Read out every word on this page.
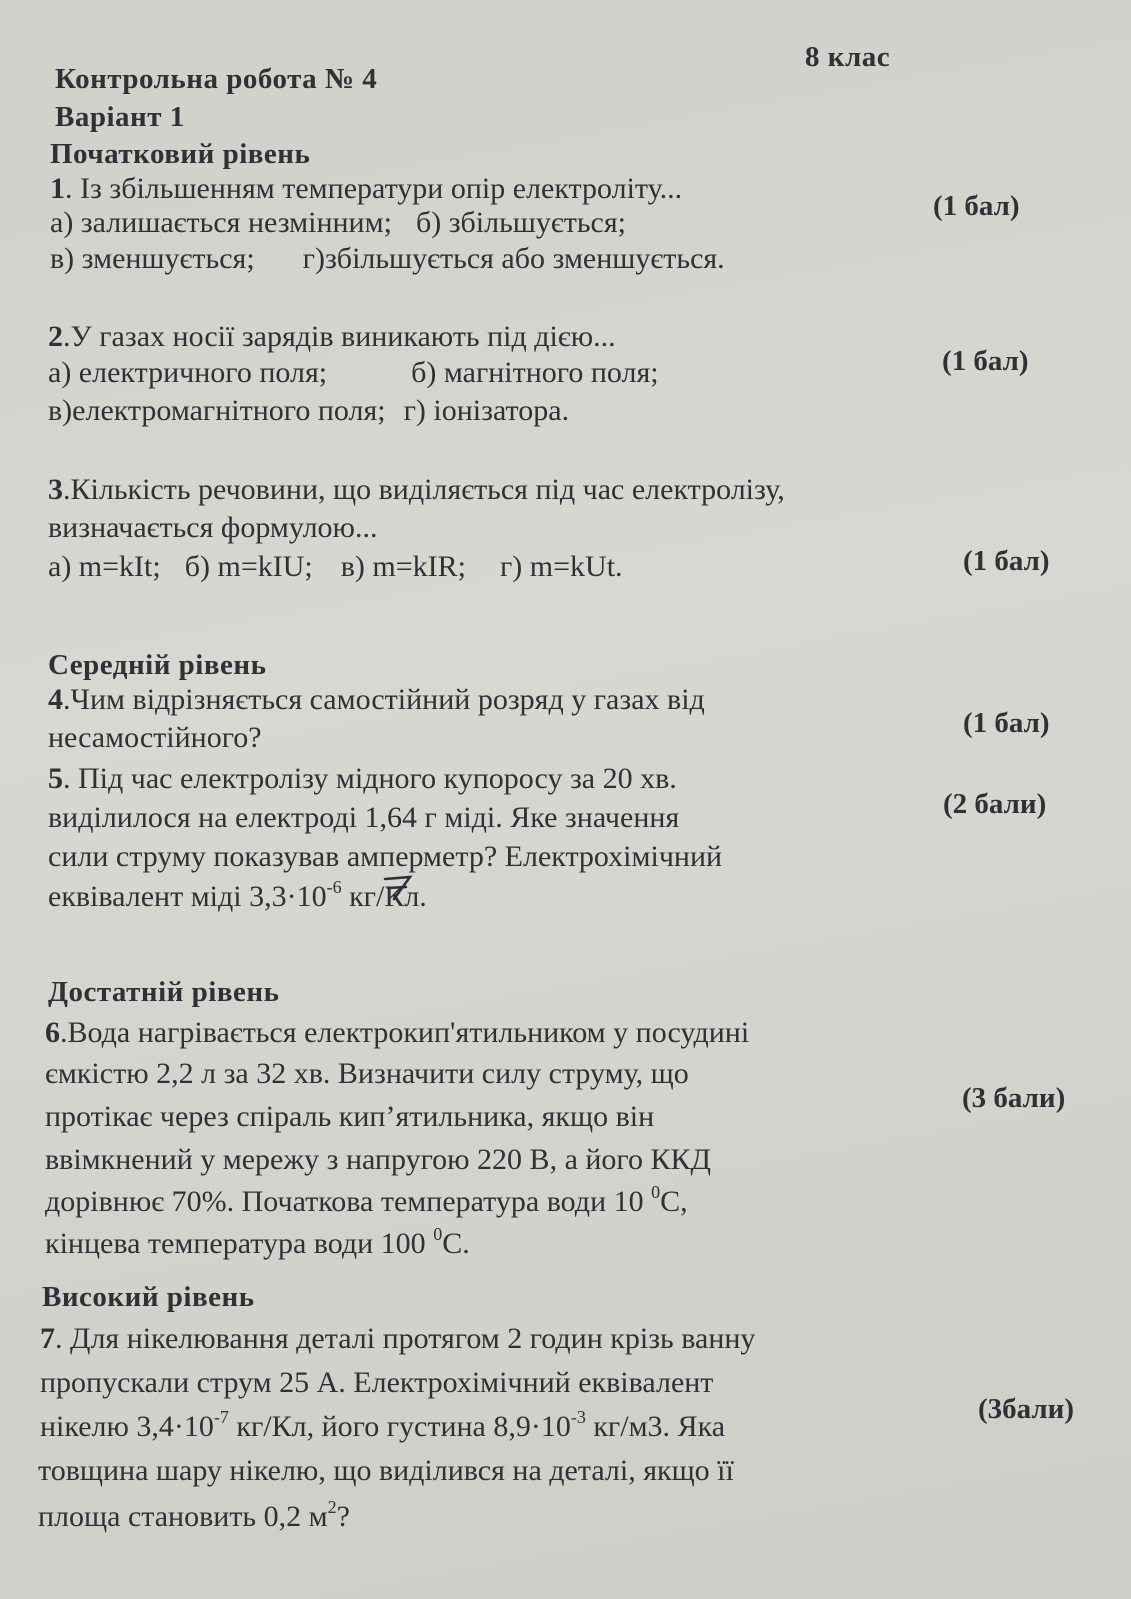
8 клас
Контрольна робота № 4
Варіант 1
Початковий рівень
1. Із збільшенням температури опір електроліту...
а) залишається незмінним; б) збільшується;	(1 бал)
в) зменшується; г)збільшується або зменшується.
2.У газах носії зарядів виникають під дією...
а) електричного поля;	б) магнітного поля;	(1 бал)
в)електромагнітного поля; г) іонізатора.
3.Кількість речовини, що виділяється під час електролізу,
визначається формулою...
а) m=kIt; б) m=kIU; в) m=kIR; г) m=kUt.	(1 бал)
Середній рівень
4.Чим відрізняється самостійний розряд у газах від
несамостійного?	(1 бал)
5. Під час електролізу мідного купоросу за 20 хв.
виділилося на електроді 1,64 г міді. Яке значення	(2 бали)
сили струму показував амперметр? Електрохімічний
еквівалент міді $3,3\cdot 10^{-6}$ кг/Кл.
Достатній рівень
6.Вода нагрівається електрокип'ятильником у посудині
ємкістю 2,2 л за 32 хв. Визначити силу струму, що
протікає через спіраль кип’ятильника, якщо він
(3 бали)
ввімкнений у мережу з напругою 220 В, а його ККД
дорівнює 70%. Початкова температура води 10 $^0$С,
кінцева температура води 100 $^0$С.
Високий рівень
7. Для нікелювання деталі протягом 2 годин крізь ванну
пропускали струм 25 А. Електрохімічний еквівалент
нікелю $3,4\cdot 10^{-7}$ кг/Кл, його густина $8,9\cdot 10^{-3}$ кг/м3. Яка
(3бали)
товщина шару нікелю, що виділився на деталі, якщо її
площа становить 0,2 $м^2$?
